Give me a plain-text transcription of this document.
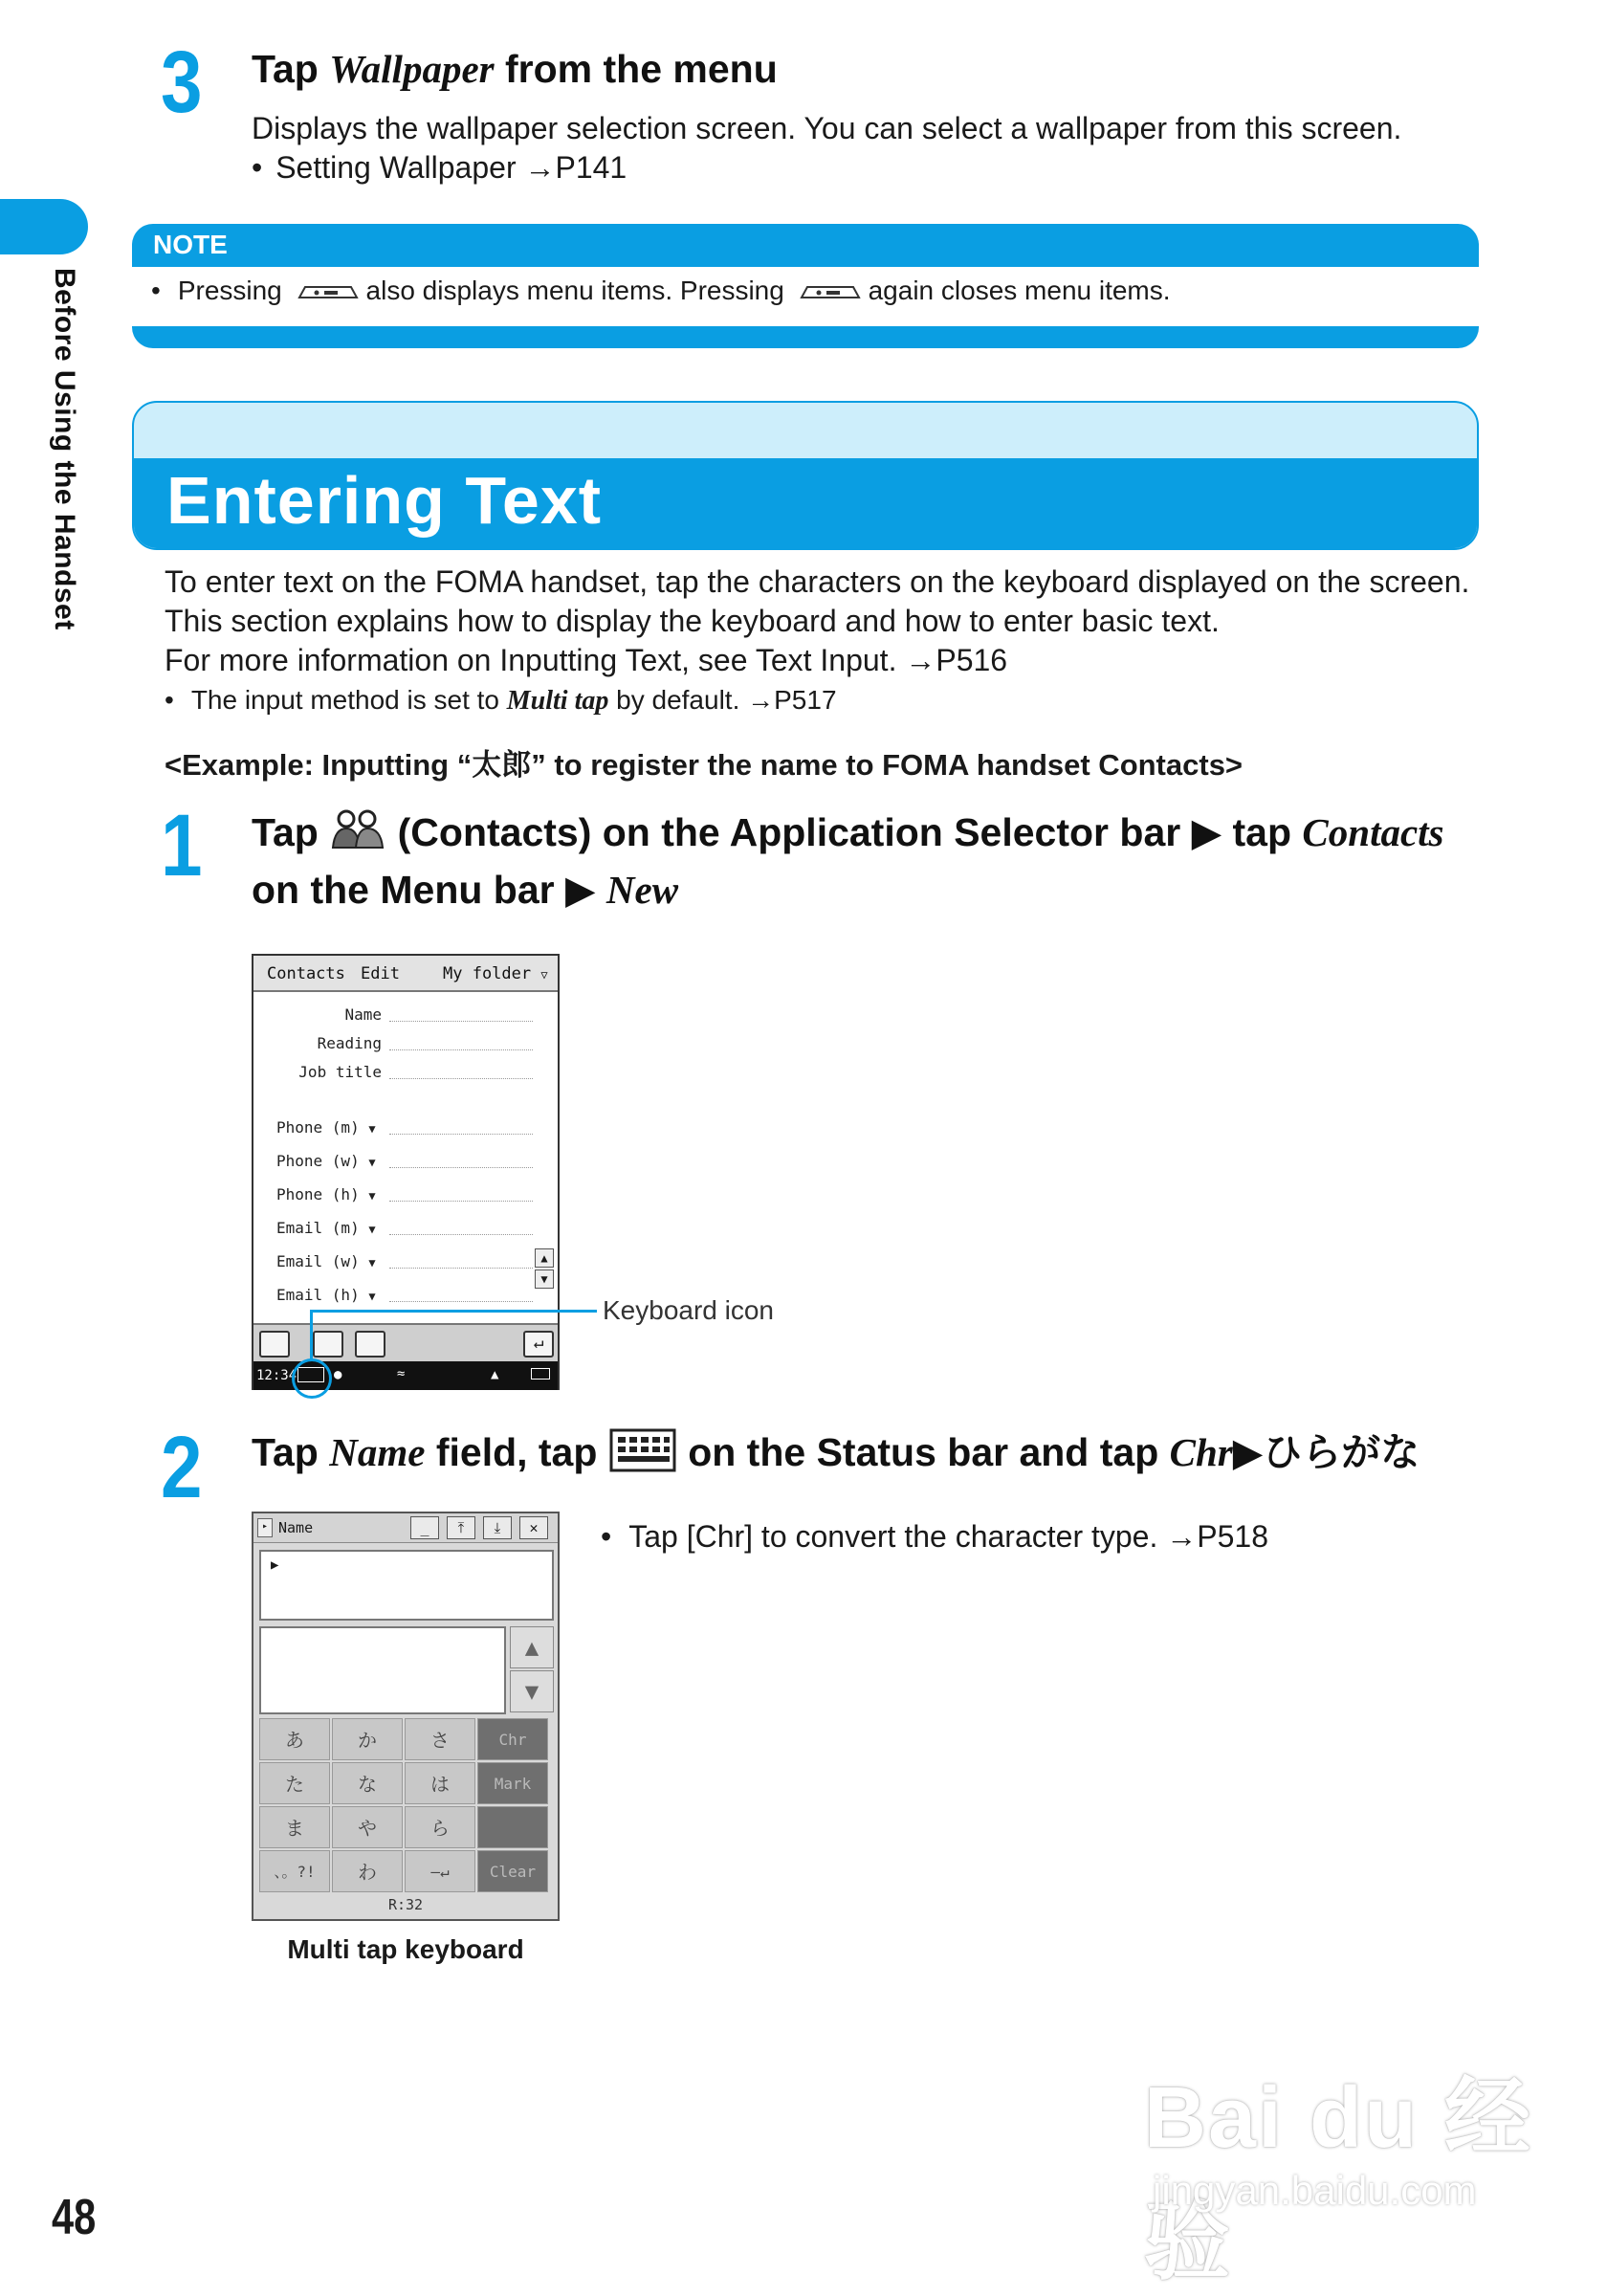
Before Using the Handset
3 Tap Wallpaper from the menu
Displays the wallpaper selection screen. You can select a wallpaper from this screen.
• Setting Wallpaper →P141
NOTE
• Pressing	also displays menu items. Pressing	again closes menu items.
Entering Text
To enter text on the FOMA handset, tap the characters on the keyboard displayed on the screen.
This section explains how to display the keyboard and how to enter basic text.
For more information on Inputting Text, see Text Input. →P516
• The input method is set to Multi tap by default. →P517
<Example: Inputting “太郎” to register the name to FOMA handset Contacts>
1 Tap  (Contacts) on the Application Selector bar ▶ tap Contacts
on the Menu bar ▶ New
Contacts Edit	My folder ▽
Name
Reading
Job title
Phone (m) ▼
Phone (w) ▼
Phone (h) ▼
Email (m) ▼
Email (w) ▼
Email (h) ▼
▲
▼
↵
12:34	●	≈	▲
Keyboard icon
2 Tap Name field, tap  on the Status bar and tap Chr▶ひらがな
▸ Name	_	⤒	⤓	✕
▶
▲
▼
あ	か	さ	Chr
た	な	は	Mark
ま	や	ら
、。?!	わ	—↵	Clear
R:32
• Tap [Chr] to convert the character type. →P518
Multi tap keyboard
48
Bai du 经验
jingyan.baidu.com
